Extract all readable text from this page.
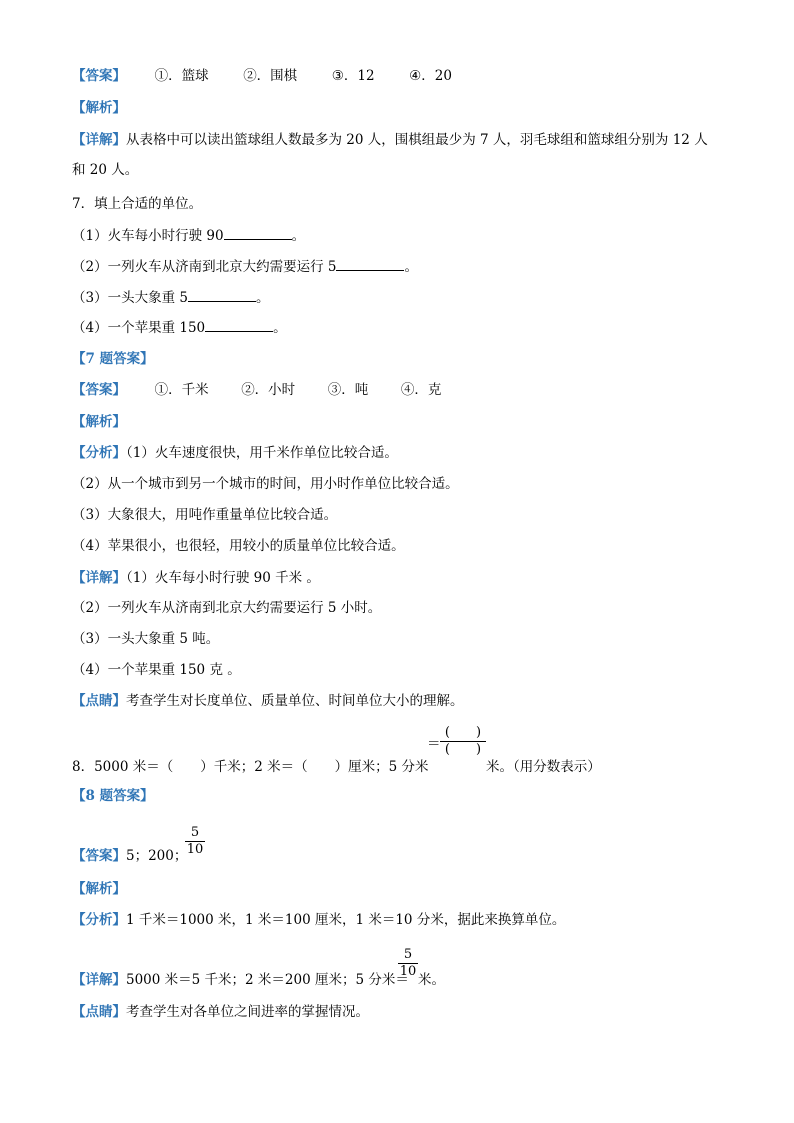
【答案】 ①．篮球	②．围棋	③．12	④．20
【解析】
【详解】从表格中可以读出篮球组人数最多为 20 人，围棋组最少为 7 人，羽毛球组和篮球组分别为 12 人
和 20 人。
7．填上合适的单位。
（1）火车每小时行驶 90	。
（2）一列火车从济南到北京大约需要运行 5	。
（3）一头大象重 5	。
（4）一个苹果重 150	。
【7 题答案】
【答案】 ①．千米 ②．小时 ③．吨 ④．克
【解析】
【分析】（1）火车速度很快，用千米作单位比较合适。
（2）从一个城市到另一个城市的时间，用小时作单位比较合适。
（3）大象很大，用吨作重量单位比较合适。
（4）苹果很小，也很轻，用较小的质量单位比较合适。
【详解】（1）火车每小时行驶 90 千米 。
（2）一列火车从济南到北京大约需要运行 5 小时。
（3）一头大象重 5 吨。
（4）一个苹果重 150 克 。
【点睛】考查学生对长度单位、质量单位、时间单位大小的理解。
8．5000 米＝（　　）千米；2 米＝（　　）厘米；5 分米
＝
(　　)
(　　)
米。（用分数表示）
【8 题答案】
【答案】5；200；
$\frac{5}{10}$
【解析】
【分析】1 千米＝1000 米，1 米＝100 厘米，1 米＝10 分米，据此来换算单位。
【详解】5000 米＝5 千米；2 米＝200 厘米；5 分米＝
$\frac{5}{10}$ 米。
【点睛】考查学生对各单位之间进率的掌握情况。
